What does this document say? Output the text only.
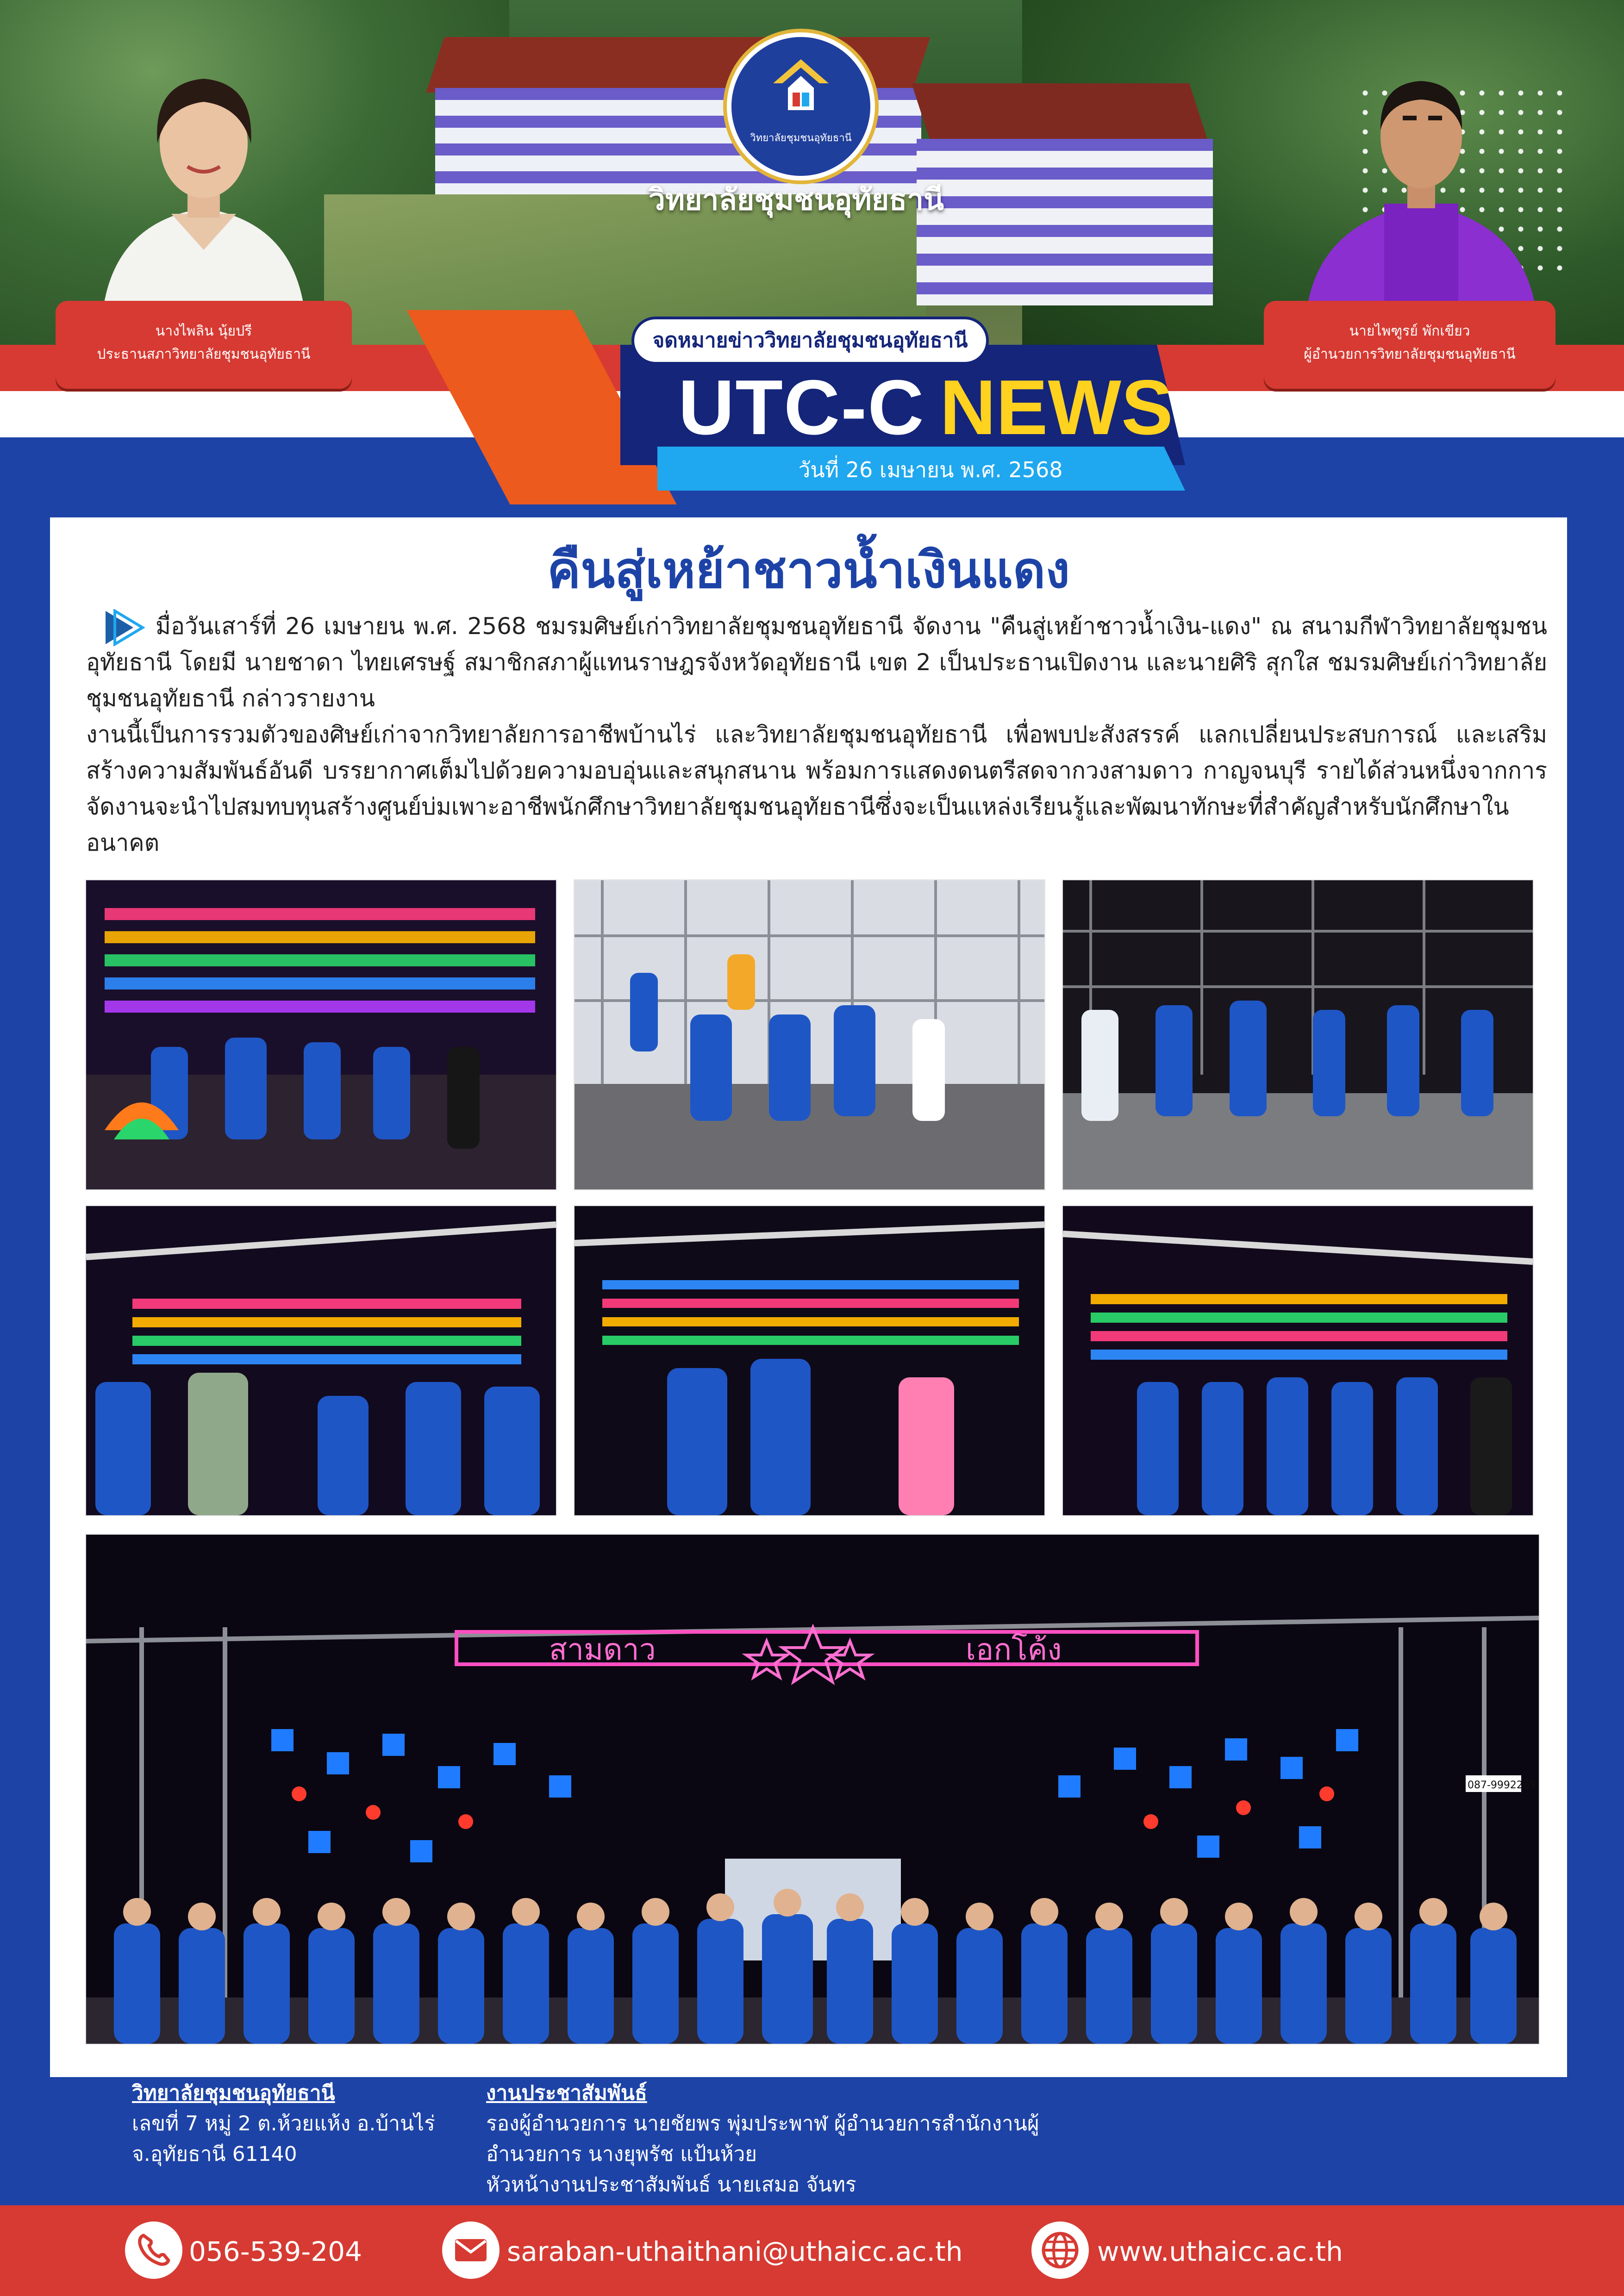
วิทยาลัยชุมชนอุทัยธานี
วิทยาลัยชุมชนอุทัยธานี
นางไพลิน นุ้ยปรี
ประธานสภาวิทยาลัยชุมชนอุทัยธานี
นายไพฑูรย์ พักเขียว
ผู้อำนวยการวิทยาลัยชุมชนอุทัยธานี
จดหมายข่าววิทยาลัยชุมชนอุทัยธานี
UTC-C NEWS
วันที่ 26 เมษายน พ.ศ. 2568
คืนสู่เหย้าชาวน้ำเงินแดง

มื่อวันเสาร์ที่ 26 เมษายน พ.ศ. 2568 ชมรมศิษย์เก่าวิทยาลัยชุมชนอุทัยธานี จัดงาน "คืนสู่เหย้าชาวน้ำเงิน-แดง" ณ สนามกีฬาวิทยาลัยชุมชนอุทัยธานี โดยมี นายชาดา ไทยเศรษฐ์ สมาชิกสภาผู้แทนราษฎรจังหวัดอุทัยธานี เขต 2 เป็นประธานเปิดงาน และนายศิริ สุกใส ชมรมศิษย์เก่าวิทยาลัยชุมชนอุทัยธานี กล่าวรายงาน

งานนี้เป็นการรวมตัวของศิษย์เก่าจากวิทยาลัยการอาชีพบ้านไร่ และวิทยาลัยชุมชนอุทัยธานี เพื่อพบปะสังสรรค์ แลกเปลี่ยนประสบการณ์ และเสริมสร้างความสัมพันธ์อันดี บรรยากาศเต็มไปด้วยความอบอุ่นและสนุกสนาน พร้อมการแสดงดนตรีสดจากวงสามดาว กาญจนบุรี รายได้ส่วนหนึ่งจากการจัดงานจะนำไปสมทบทุนสร้างศูนย์บ่มเพาะอาชีพนักศึกษาวิทยาลัยชุมชนอุทัยธานีซึ่งจะเป็นแหล่งเรียนรู้และพัฒนาทักษะที่สำคัญสำหรับนักศึกษาในอนาคต

สามดาว	เอกโค้ง
087-9992269
วิทยาลัยชุมชนอุทัยธานี
เลขที่ 7 หมู่ 2 ต.ห้วยแห้ง อ.บ้านไร่
จ.อุทัยธานี 61140
งานประชาสัมพันธ์
รองผู้อำนวยการ นายชัยพร พุ่มประพาฬ ผู้อำนวยการสำนักงานผู้
อำนวยการ นางยุพรัช แป้นห้วย
หัวหน้างานประชาสัมพันธ์ นายเสมอ จันทร
056-539-204	saraban-uthaithani@uthaicc.ac.th	www.uthaicc.ac.th
